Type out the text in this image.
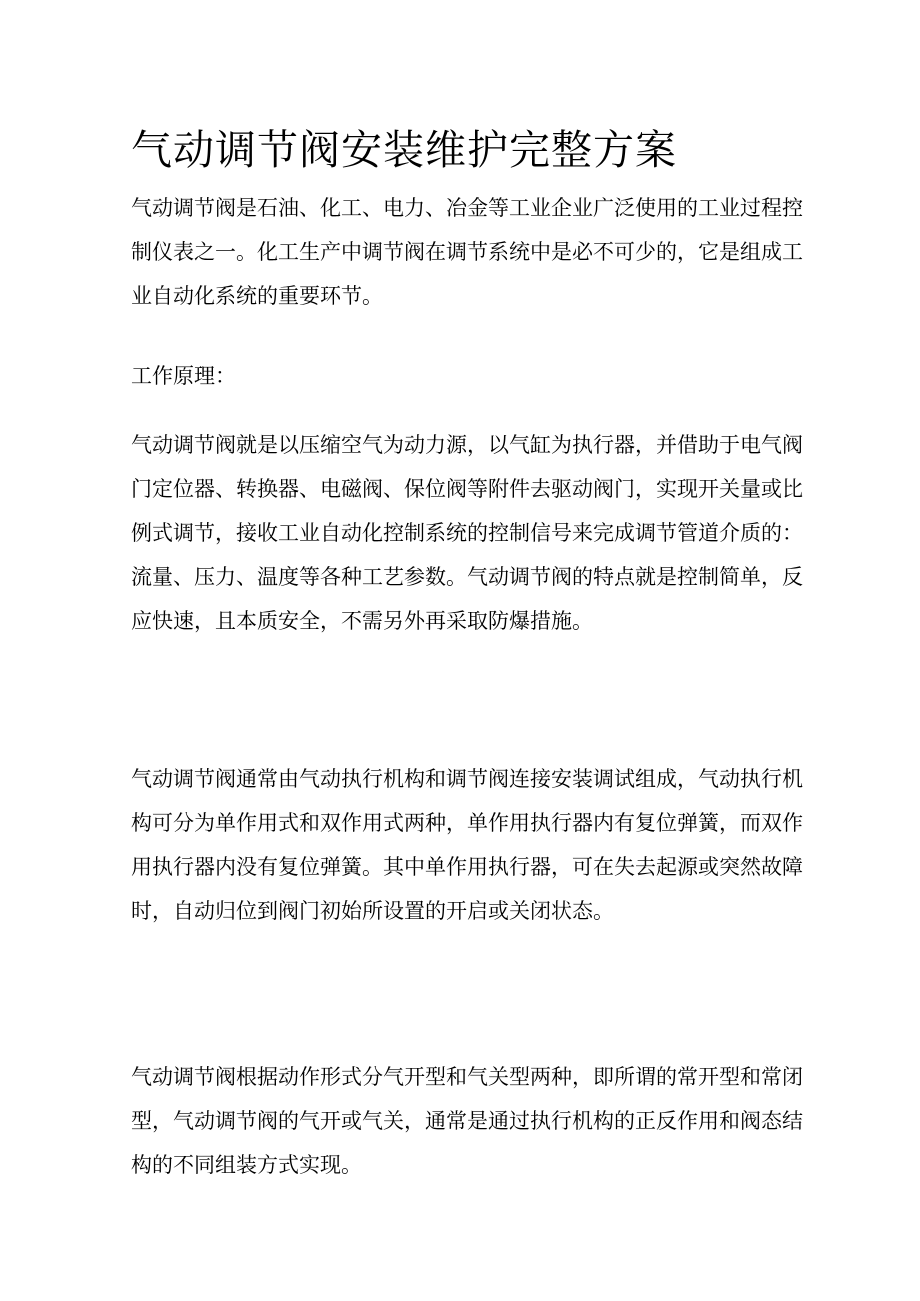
气动调节阀安装维护完整方案

气动调节阀是石油、化工、电力、冶金等工业企业广泛使用的工业过程控制仪表之一。化工生产中调节阀在调节系统中是必不可少的，它是组成工业自动化系统的重要环节。

工作原理：

气动调节阀就是以压缩空气为动力源，以气缸为执行器，并借助于电气阀门定位器、转换器、电磁阀、保位阀等附件去驱动阀门，实现开关量或比例式调节，接收工业自动化控制系统的控制信号来完成调节管道介质的：流量、压力、温度等各种工艺参数。气动调节阀的特点就是控制简单，反应快速，且本质安全，不需另外再采取防爆措施。

气动调节阀通常由气动执行机构和调节阀连接安装调试组成，气动执行机构可分为单作用式和双作用式两种，单作用执行器内有复位弹簧，而双作用执行器内没有复位弹簧。其中单作用执行器，可在失去起源或突然故障时，自动归位到阀门初始所设置的开启或关闭状态。

气动调节阀根据动作形式分气开型和气关型两种，即所谓的常开型和常闭型，气动调节阀的气开或气关，通常是通过执行机构的正反作用和阀态结构的不同组装方式实现。
